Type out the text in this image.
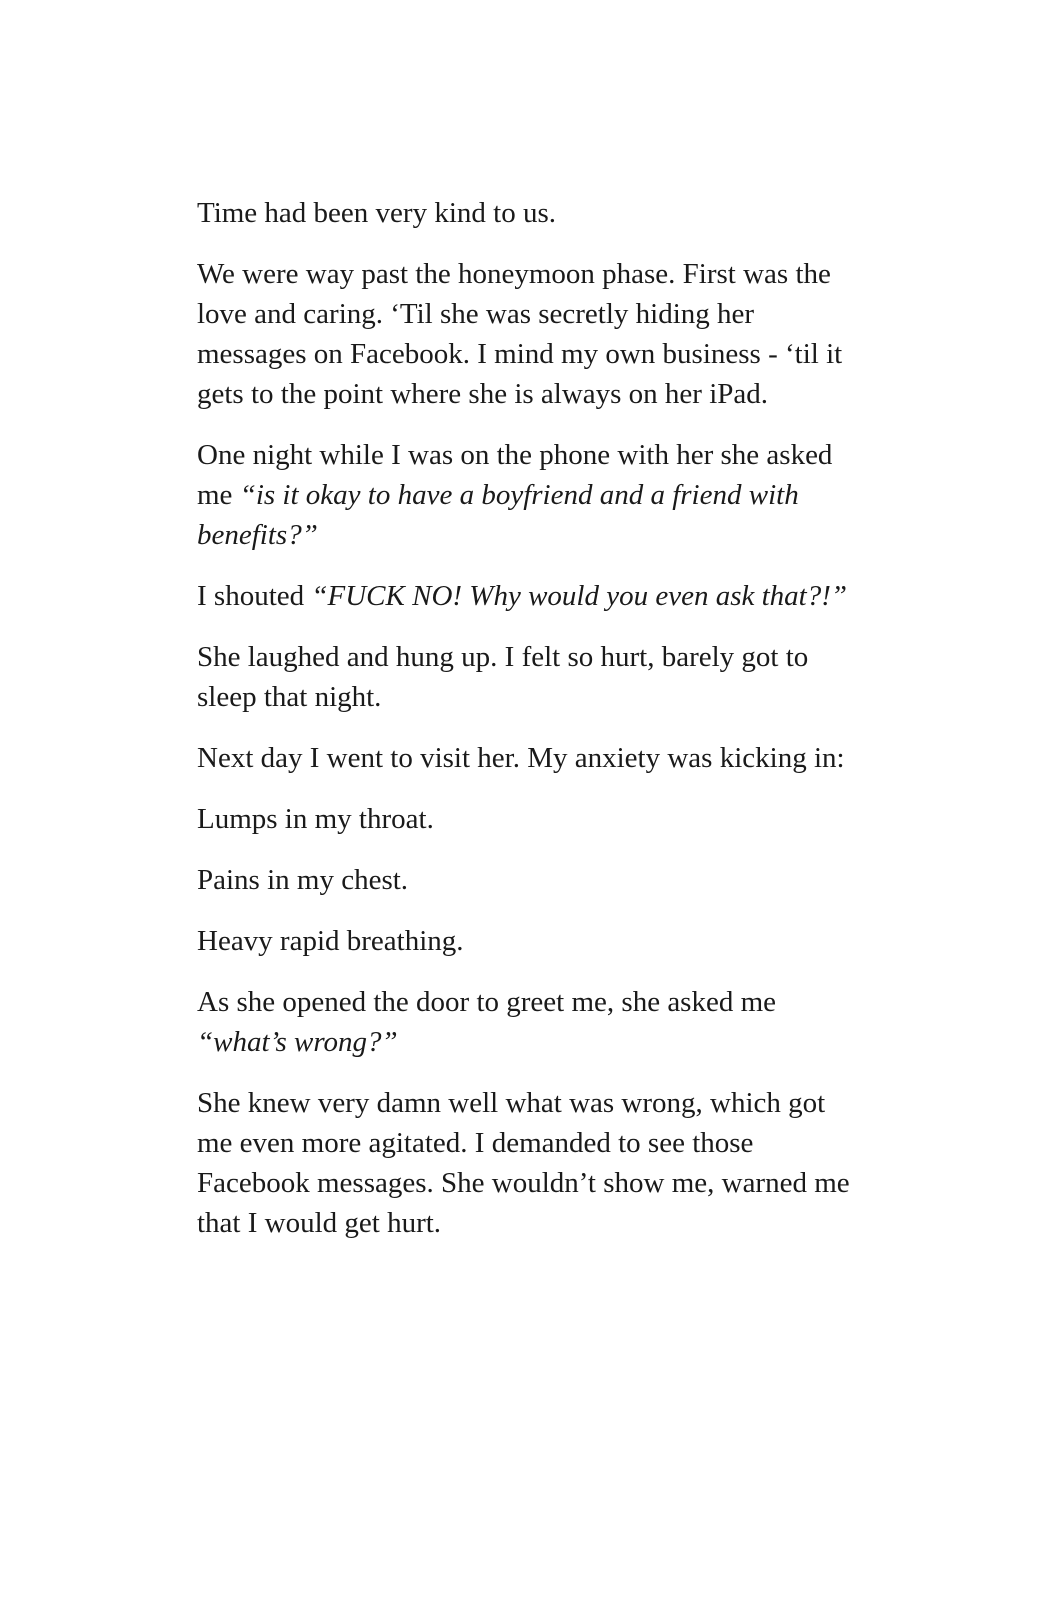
Time had been very kind to us.

We were way past the honeymoon phase. First was the love and caring. ‘Til she was secretly hiding her messages on Facebook. I mind my own business - ‘til it gets to the point where she is always on her iPad.

One night while I was on the phone with her she asked me “is it okay to have a boyfriend and a friend with benefits?”

I shouted “FUCK NO! Why would you even ask that?!”

She laughed and hung up. I felt so hurt, barely got to sleep that night.

Next day I went to visit her. My anxiety was kicking in:

Lumps in my throat.

Pains in my chest.

Heavy rapid breathing.

As she opened the door to greet me, she asked me “what’s wrong?”

She knew very damn well what was wrong, which got me even more agitated. I demanded to see those Facebook messages. She wouldn’t show me, warned me that I would get hurt.
